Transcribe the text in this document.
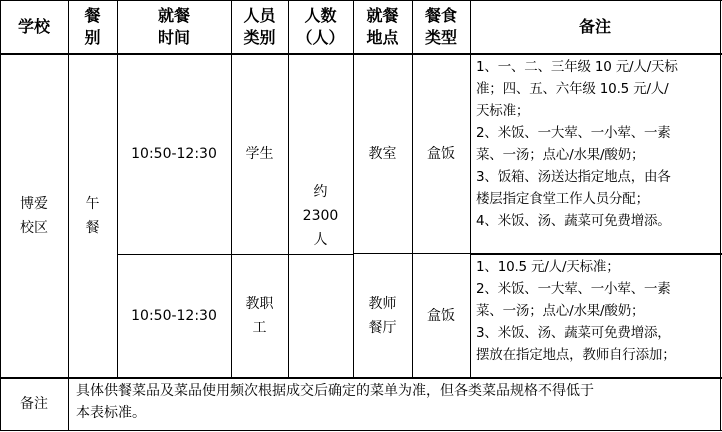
学校
餐
别
就餐
时间
人员
类别
人数
（人）
就餐
地点
餐食
类型
备注
博爱
校区
午
餐
约
2300
人
10:50-12:30 学生	教室 盒饭
1、一、二、三年级 10 元/人/天标
准；四、五、六年级 10.5 元/人/
天标准；
2、米饭、一大荤、一小荤、一素
菜、一汤；点心/水果/酸奶；
3、饭箱、汤送达指定地点，由各
楼层指定食堂工作人员分配；
4、米饭、汤、蔬菜可免费增添。
10:50-12:30
教职
工
教师
餐厅
盒饭
1、10.5 元/人/天标准；
2、米饭、一大荤、一小荤、一素
菜、一汤；点心/水果/酸奶；
3、米饭、汤、蔬菜可免费增添，
摆放在指定地点，教师自行添加；
备注
具体供餐菜品及菜品使用频次根据成交后确定的菜单为准，但各类菜品规格不得低于
本表标准。
